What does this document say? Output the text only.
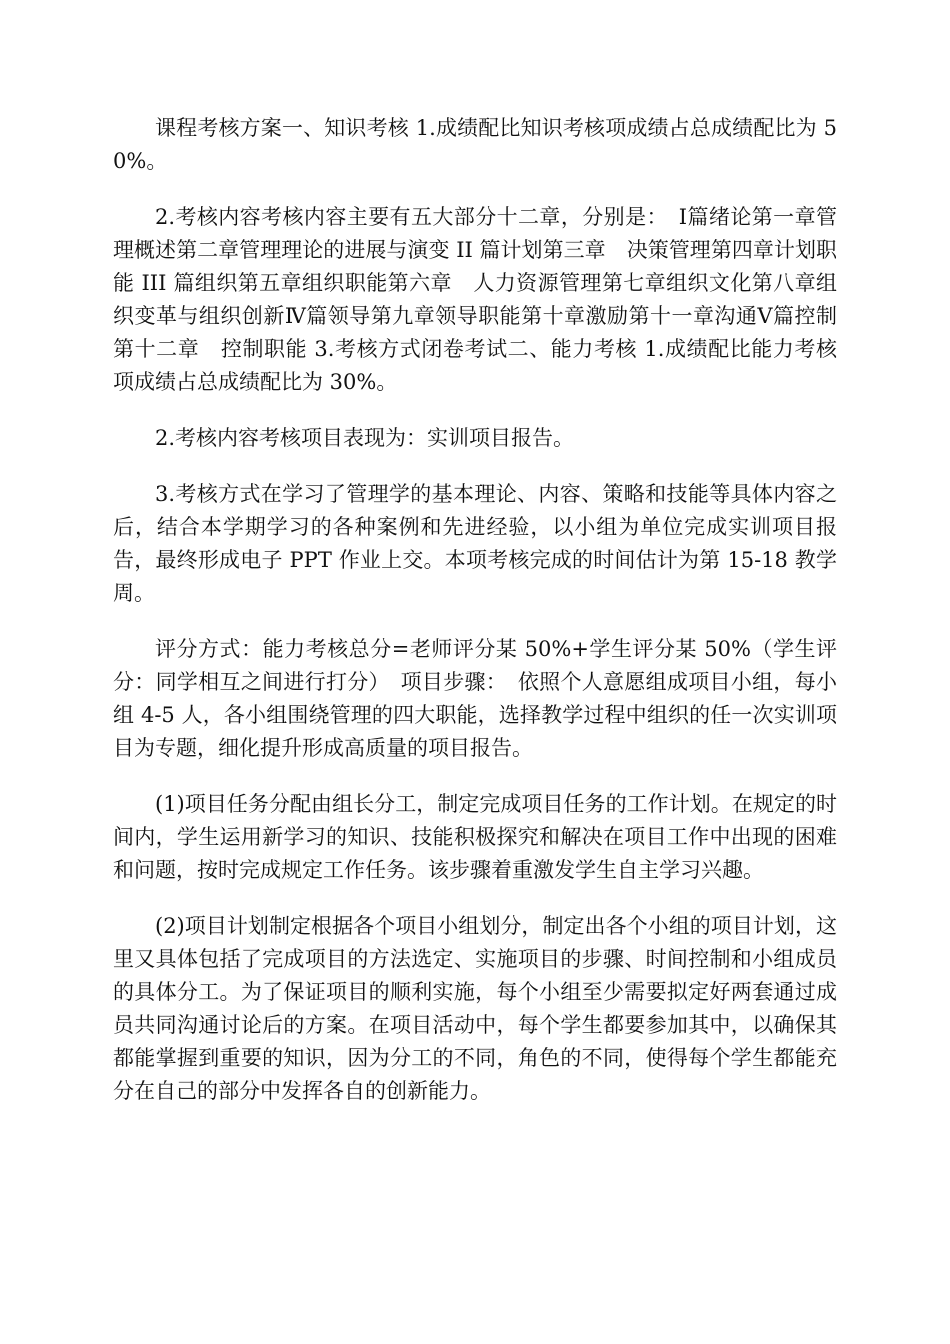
课程考核方案一、知识考核 1.成绩配比知识考核项成绩占总成绩配比为 50%。

2.考核内容考核内容主要有五大部分十二章，分别是：　Ⅰ篇绪论第一章管理概述第二章管理理论的进展与演变 II 篇计划第三章　决策管理第四章计划职能 III 篇组织第五章组织职能第六章　人力资源管理第七章组织文化第八章组织变革与组织创新Ⅳ篇领导第九章领导职能第十章激励第十一章沟通Ⅴ篇控制第十二章　控制职能 3.考核方式闭卷考试二、能力考核 1.成绩配比能力考核项成绩占总成绩配比为 30%。

2.考核内容考核项目表现为：实训项目报告。

3.考核方式在学习了管理学的基本理论、内容、策略和技能等具体内容之后，结合本学期学习的各种案例和先进经验，以小组为单位完成实训项目报告，最终形成电子 PPT 作业上交。本项考核完成的时间估计为第 15-18 教学周。

评分方式：能力考核总分=老师评分某 50%+学生评分某 50%（学生评分：同学相互之间进行打分）　项目步骤：　依照个人意愿组成项目小组，每小组 4-5 人，各小组围绕管理的四大职能，选择教学过程中组织的任一次实训项目为专题，细化提升形成高质量的项目报告。

(1)项目任务分配由组长分工，制定完成项目任务的工作计划。在规定的时间内，学生运用新学习的知识、技能积极探究和解决在项目工作中出现的困难和问题，按时完成规定工作任务。该步骤着重激发学生自主学习兴趣。

(2)项目计划制定根据各个项目小组划分，制定出各个小组的项目计划，这里又具体包括了完成项目的方法选定、实施项目的步骤、时间控制和小组成员的具体分工。为了保证项目的顺利实施，每个小组至少需要拟定好两套通过成员共同沟通讨论后的方案。在项目活动中，每个学生都要参加其中，以确保其都能掌握到重要的知识，因为分工的不同，角色的不同，使得每个学生都能充分在自己的部分中发挥各自的创新能力。
